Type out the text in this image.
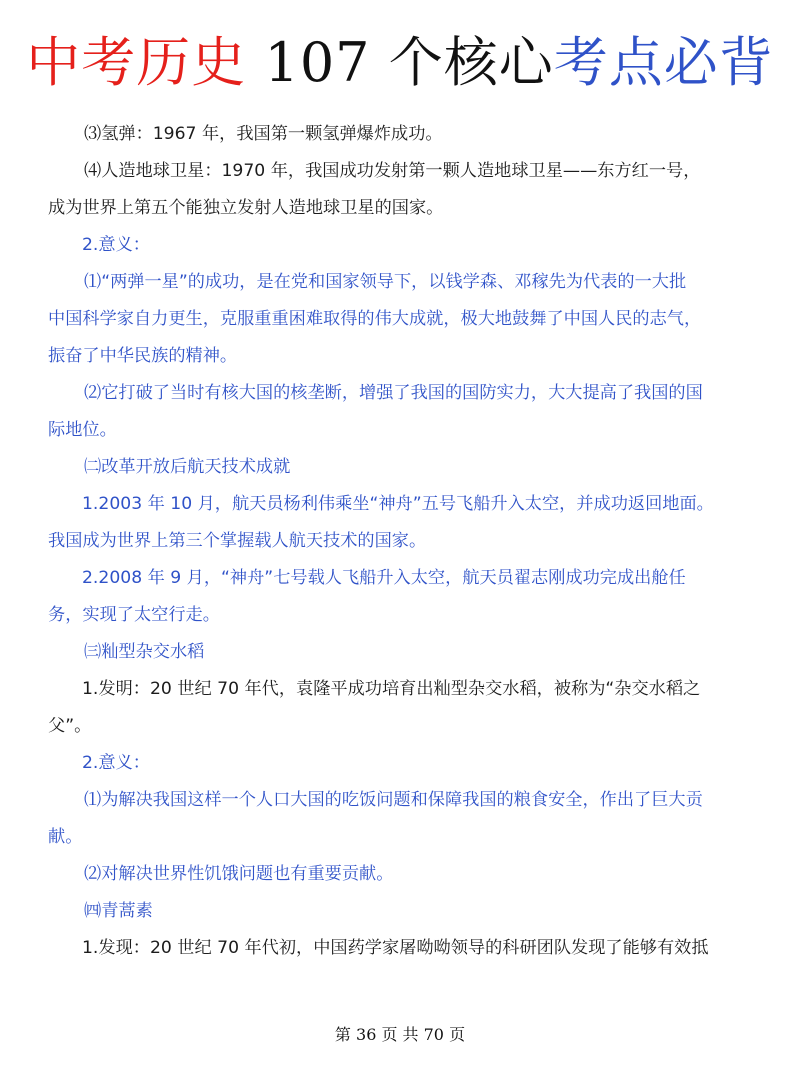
中考历史 107 个核心考点必背
⑶氢弹：1967 年，我国第一颗氢弹爆炸成功。
⑷人造地球卫星：1970 年，我国成功发射第一颗人造地球卫星——东方红一号，
成为世界上第五个能独立发射人造地球卫星的国家。
2.意义：
⑴“两弹一星”的成功，是在党和国家领导下，以钱学森、邓稼先为代表的一大批
中国科学家自力更生，克服重重困难取得的伟大成就，极大地鼓舞了中国人民的志气，
振奋了中华民族的精神。
⑵它打破了当时有核大国的核垄断，增强了我国的国防实力，大大提高了我国的国
际地位。
㈡改革开放后航天技术成就
1.2003 年 10 月，航天员杨利伟乘坐“神舟”五号飞船升入太空，并成功返回地面。
我国成为世界上第三个掌握载人航天技术的国家。
2.2008 年 9 月，“神舟”七号载人飞船升入太空，航天员翟志刚成功完成出舱任
务，实现了太空行走。
㈢籼型杂交水稻
1.发明：20 世纪 70 年代，袁隆平成功培育出籼型杂交水稻，被称为“杂交水稻之
父”。
2.意义：
⑴为解决我国这样一个人口大国的吃饭问题和保障我国的粮食安全，作出了巨大贡
献。
⑵对解决世界性饥饿问题也有重要贡献。
㈣青蒿素
1.发现：20 世纪 70 年代初，中国药学家屠呦呦领导的科研团队发现了能够有效抵
第 36 页 共 70 页
